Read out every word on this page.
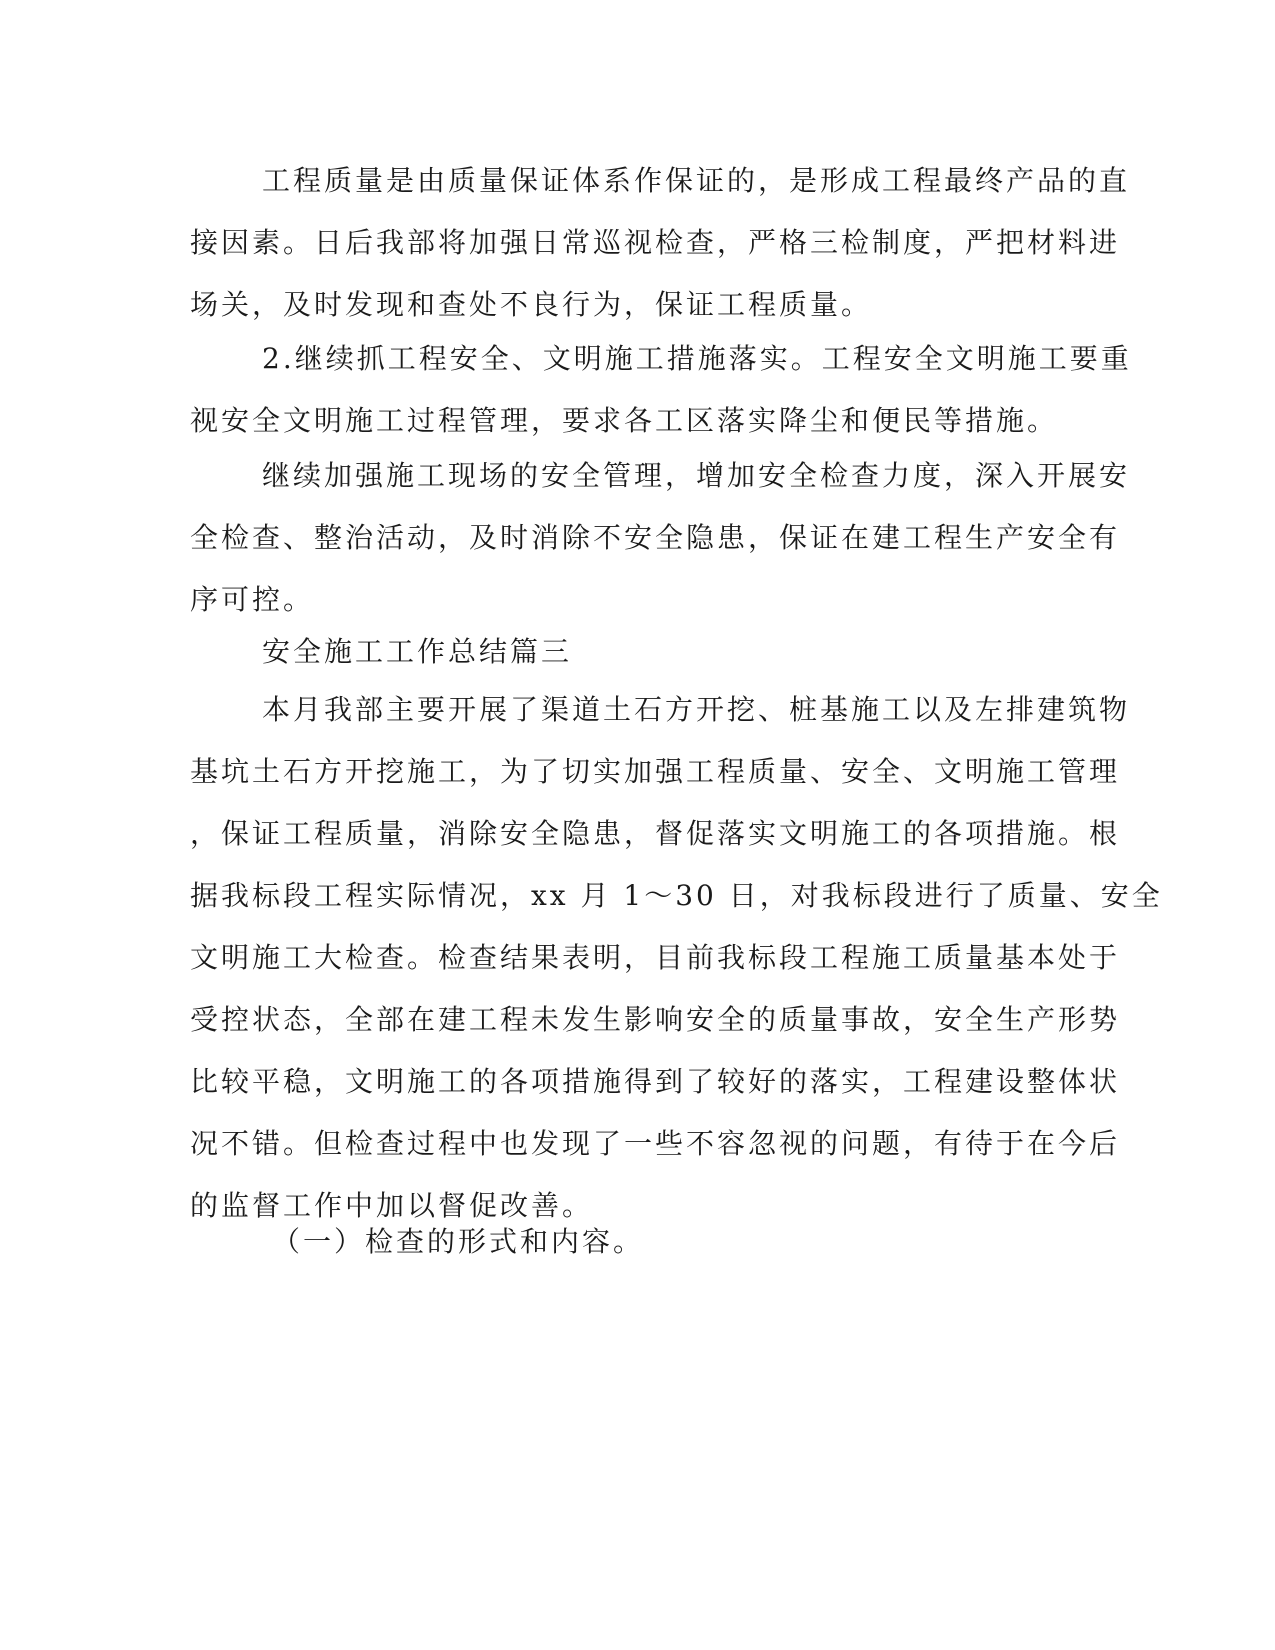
工程质量是由质量保证体系作保证的，是形成工程最终产品的直
接因素。日后我部将加强日常巡视检查，严格三检制度，严把材料进
场关，及时发现和查处不良行为，保证工程质量。

2.继续抓工程安全、文明施工措施落实。工程安全文明施工要重
视安全文明施工过程管理，要求各工区落实降尘和便民等措施。

继续加强施工现场的安全管理，增加安全检查力度，深入开展安
全检查、整治活动，及时消除不安全隐患，保证在建工程生产安全有
序可控。

安全施工工作总结篇三

本月我部主要开展了渠道土石方开挖、桩基施工以及左排建筑物
基坑土石方开挖施工，为了切实加强工程质量、安全、文明施工管理
，保证工程质量，消除安全隐患，督促落实文明施工的各项措施。根
据我标段工程实际情况，xx 月 1～30 日，对我标段进行了质量、安全
文明施工大检查。检查结果表明，目前我标段工程施工质量基本处于
受控状态，全部在建工程未发生影响安全的质量事故，安全生产形势
比较平稳，文明施工的各项措施得到了较好的落实，工程建设整体状
况不错。但检查过程中也发现了一些不容忽视的问题，有待于在今后
的监督工作中加以督促改善。

（一）检查的形式和内容。
